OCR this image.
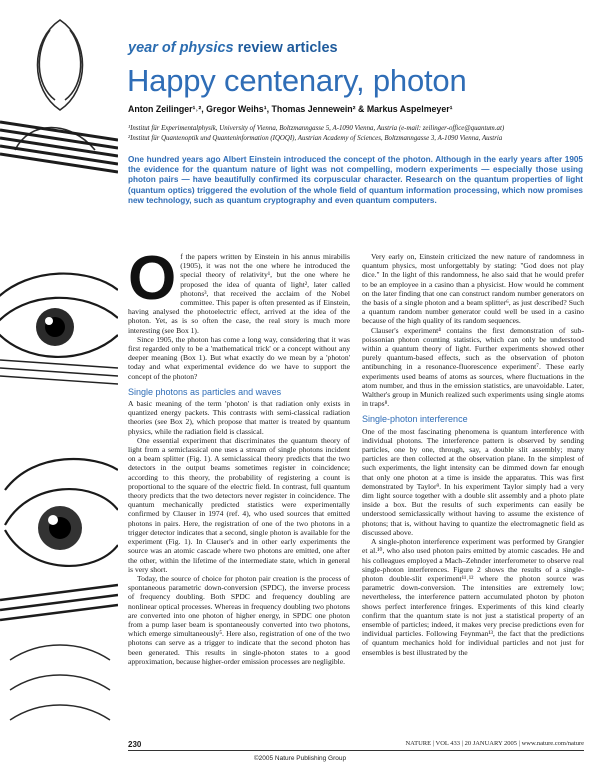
year of physics review articles
Happy centenary, photon
Anton Zeilinger¹˒², Gregor Weihs¹, Thomas Jennewein² & Markus Aspelmeyer¹
¹Institut für Experimentalphysik, University of Vienna, Boltzmanngasse 5, A-1090 Vienna, Austria (e-mail: zeilinger-office@quantum.at)
²Institut für Quantenoptik und Quanteninformation (IQOQI), Austrian Academy of Sciences, Boltzmanngasse 3, A-1090 Vienna, Austria
One hundred years ago Albert Einstein introduced the concept of the photon. Although in the early years after 1905 the evidence for the quantum nature of light was not compelling, modern experiments — especially those using photon pairs — have beautifully confirmed its corpuscular character. Research on the quantum properties of light (quantum optics) triggered the evolution of the whole field of quantum information processing, which now promises new technology, such as quantum cryptography and even quantum computers.
O f the papers written by Einstein in his annus mirabilis (1905), it was not the one where he introduced the special theory of relativity¹, but the one where he proposed the idea of quanta of light², later called photons³, that received the acclaim of the Nobel committee. This paper is often presented as if Einstein, having analysed the photoelectric effect, arrived at the idea of the photon. Yet, as is so often the case, the real story is much more interesting (see Box 1).

Since 1905, the photon has come a long way, considering that it was first regarded only to be a 'mathematical trick' or a concept without any deeper meaning (Box 1). But what exactly do we mean by a 'photon' today and what experimental evidence do we have to support the concept of the photon?

Single photons as particles and waves

A basic meaning of the term 'photon' is that radiation only exists in quantized energy packets. This contrasts with semi-classical radiation theories (see Box 2), which propose that matter is treated by quantum physics, while the radiation field is classical.

One essential experiment that discriminates the quantum theory of light from a semiclassical one uses a stream of single photons incident on a beam splitter (Fig. 1). A semiclassical theory predicts that the two detectors in the output beams sometimes register in coincidence; according to this theory, the probability of registering a count is proportional to the square of the electric field. In contrast, full quantum theory predicts that the two detectors never register in coincidence. The quantum mechanically predicted statistics were experimentally confirmed by Clauser in 1974 (ref. 4), who used sources that emitted photons in pairs. Here, the registration of one of the two photons in a trigger detector indicates that a second, single photon is available for the experiment (Fig. 1). In Clauser's and in other early experiments the source was an atomic cascade where two photons are emitted, one after the other, within the lifetime of the intermediate state, which in general is very short.

Today, the source of choice for photon pair creation is the process of spontaneous parametric down-conversion (SPDC), the inverse process of frequency doubling. Both SPDC and frequency doubling are nonlinear optical processes. Whereas in frequency doubling two photons are converted into one photon of higher energy, in SPDC one photon from a pump laser beam is spontaneously converted into two photons, which emerge simultaneously⁵. Here also, registration of one of the two photons can serve as a trigger to indicate that the second photon has been generated. This results in single-photon states to a good approximation, because higher-order emission processes are negligible.

Very early on, Einstein criticized the new nature of randomness in quantum physics, most unforgettably by stating: "God does not play dice." In the light of this randomness, he also said that he would prefer to be an employee in a casino than a physicist. How would he comment on the later finding that one can construct random number generators on the basis of a single photon and a beam splitter⁶, as just described? Such a quantum random number generator could well be used in a casino because of the high quality of its random sequences.

Clauser's experiment⁴ contains the first demonstration of sub-poissonian photon counting statistics, which can only be understood within a quantum theory of light. Further experiments showed other purely quantum-based effects, such as the observation of photon antibunching in a resonance-fluorescence experiment⁷. These early experiments used beams of atoms as sources, where fluctuations in the atom number, and thus in the emission statistics, are unavoidable. Later, Walther's group in Munich realized such experiments using single atoms in traps⁸.

Single-photon interference

One of the most fascinating phenomena is quantum interference with individual photons. The interference pattern is observed by sending particles, one by one, through, say, a double slit assembly; many particles are then collected at the observation plane. In the simplest of such experiments, the light intensity can be dimmed down far enough that only one photon at a time is inside the apparatus. This was first demonstrated by Taylor⁹. In his experiment Taylor simply had a very dim light source together with a double slit assembly and a photo plate inside a box. But the results of such experiments can easily be understood semiclassically without having to assume the existence of photons; that is, without having to quantize the electromagnetic field as discussed above.

A single-photon interference experiment was performed by Grangier et al.¹⁰, who also used photon pairs emitted by atomic cascades. He and his colleagues employed a Mach–Zehnder interferometer to observe real single-photon interferences. Figure 2 shows the results of a single-photon double-slit experiment¹¹˒¹² where the photon source was parametric down-conversion. The intensities are extremely low; nevertheless, the interference pattern accumulated photon by photon shows perfect interference fringes. Experiments of this kind clearly confirm that the quantum state is not just a statistical property of an ensemble of particles; indeed, it makes very precise predictions even for individual particles. Following Feynman¹³, the fact that the predictions of quantum mechanics hold for individual particles and not just for ensembles is best illustrated by the

230	NATURE | VOL 433 | 20 JANUARY 2005 | www.nature.com/nature
©2005 Nature Publishing Group
